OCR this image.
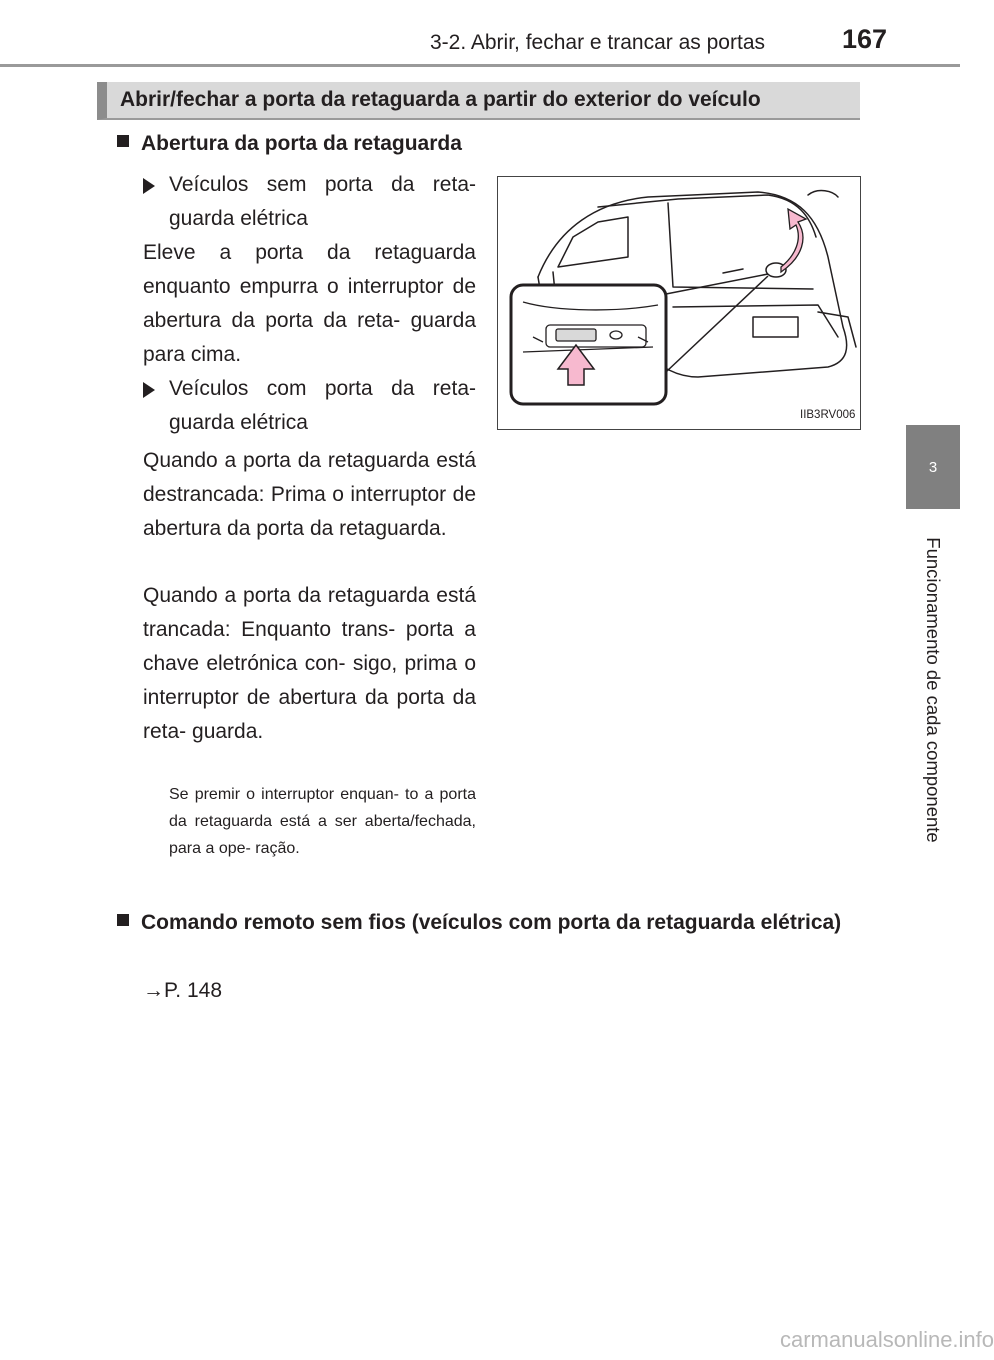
3-2. Abrir, fechar e trancar as portas	167
3
Funcionamento de cada componente
Abrir/fechar a porta da retaguarda a partir do exterior do veículo
Abertura da porta da retaguarda
Veículos sem porta da reta- guarda elétrica
Eleve a porta da retaguarda enquanto empurra o interruptor de abertura da porta da reta- guarda para cima.
Veículos com porta da reta- guarda elétrica
Quando a porta da retaguarda está destrancada: Prima o interruptor de abertura da porta da retaguarda.
Quando a porta da retaguarda está trancada: Enquanto trans- porta a chave eletrónica con- sigo, prima o interruptor de abertura da porta da reta- guarda.
Se premir o interruptor enquan- to a porta da retaguarda está a ser aberta/fechada, para a ope- ração.
IIB3RV006
Comando remoto sem fios (veículos com porta da retaguarda elétrica)
→P. 148
carmanualsonline.info
